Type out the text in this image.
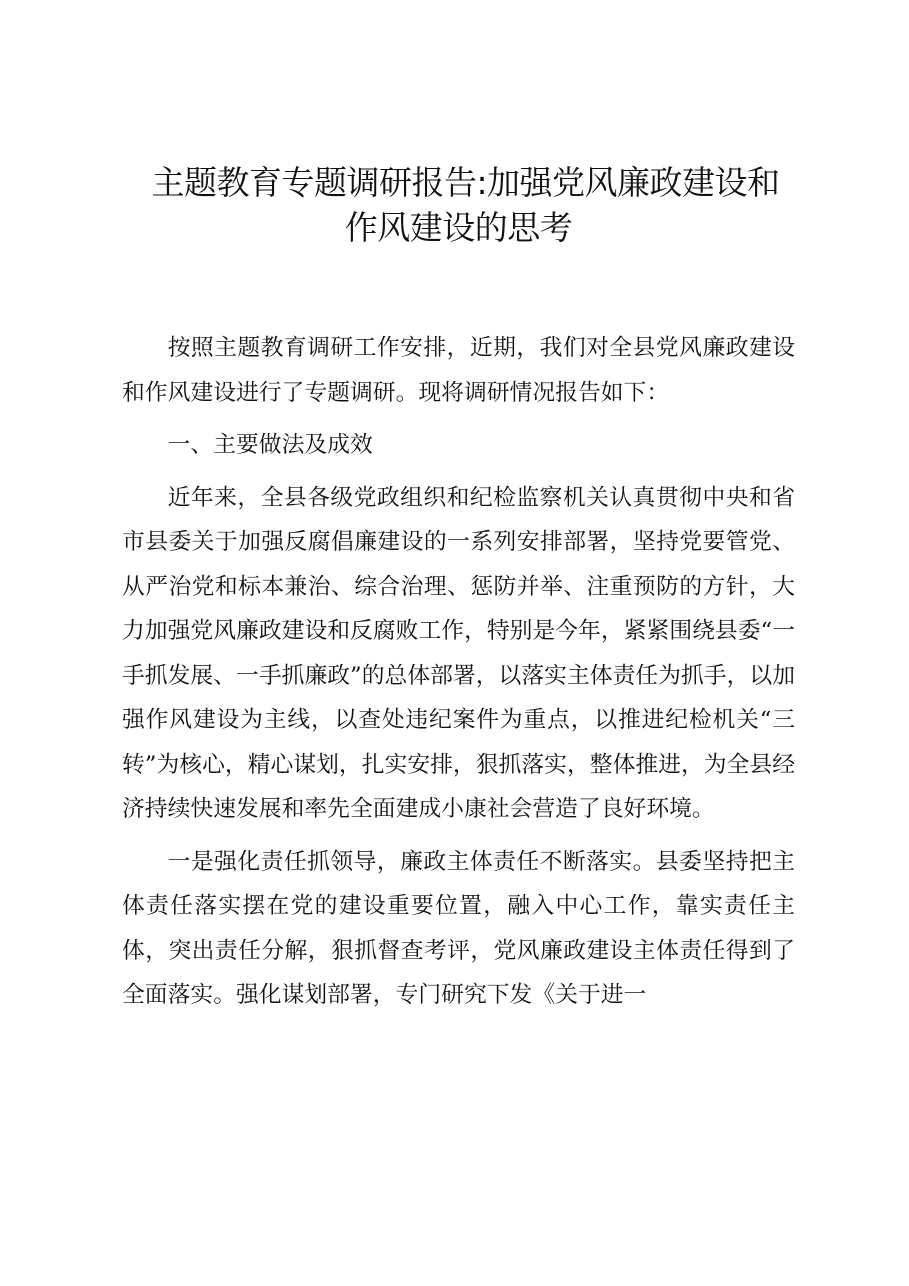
主题教育专题调研报告:加强党风廉政建设和
作风建设的思考

按照主题教育调研工作安排，近期，我们对全县党风廉政建设和作风建设进行了专题调研。现将调研情况报告如下：

一、主要做法及成效

近年来，全县各级党政组织和纪检监察机关认真贯彻中央和省市县委关于加强反腐倡廉建设的一系列安排部署，坚持党要管党、从严治党和标本兼治、综合治理、惩防并举、注重预防的方针，大力加强党风廉政建设和反腐败工作，特别是今年，紧紧围绕县委“一手抓发展、一手抓廉政”的总体部署，以落实主体责任为抓手，以加强作风建设为主线，以查处违纪案件为重点，以推进纪检机关“三转”为核心，精心谋划，扎实安排，狠抓落实，整体推进，为全县经济持续快速发展和率先全面建成小康社会营造了良好环境。

一是强化责任抓领导，廉政主体责任不断落实。县委坚持把主体责任落实摆在党的建设重要位置，融入中心工作，靠实责任主体，突出责任分解，狠抓督查考评，党风廉政建设主体责任得到了全面落实。强化谋划部署，专门研究下发《关于进一
